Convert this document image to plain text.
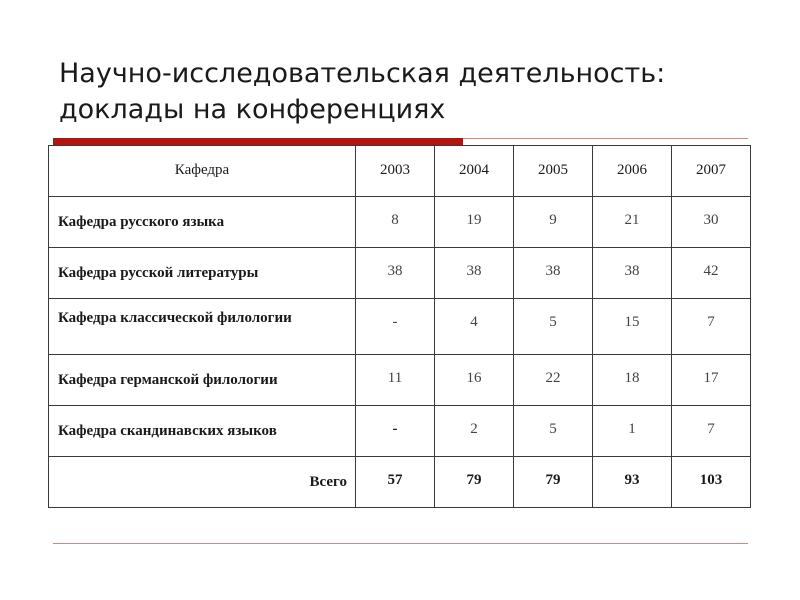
Научно-исследовательская деятельность:
доклады на конференциях
Кафедра	2003	2004	2005	2006	2007
Кафедра русского языка	8	19	9	21	30
Кафедра русской литературы	38	38	38	38	42
Кафедра классической филологии	-	4	5	15	7
Кафедра германской филологии	11	16	22	18	17
Кафедра скандинавских языков	-	2	5	1	7
Всего	57	79	79	93	103
